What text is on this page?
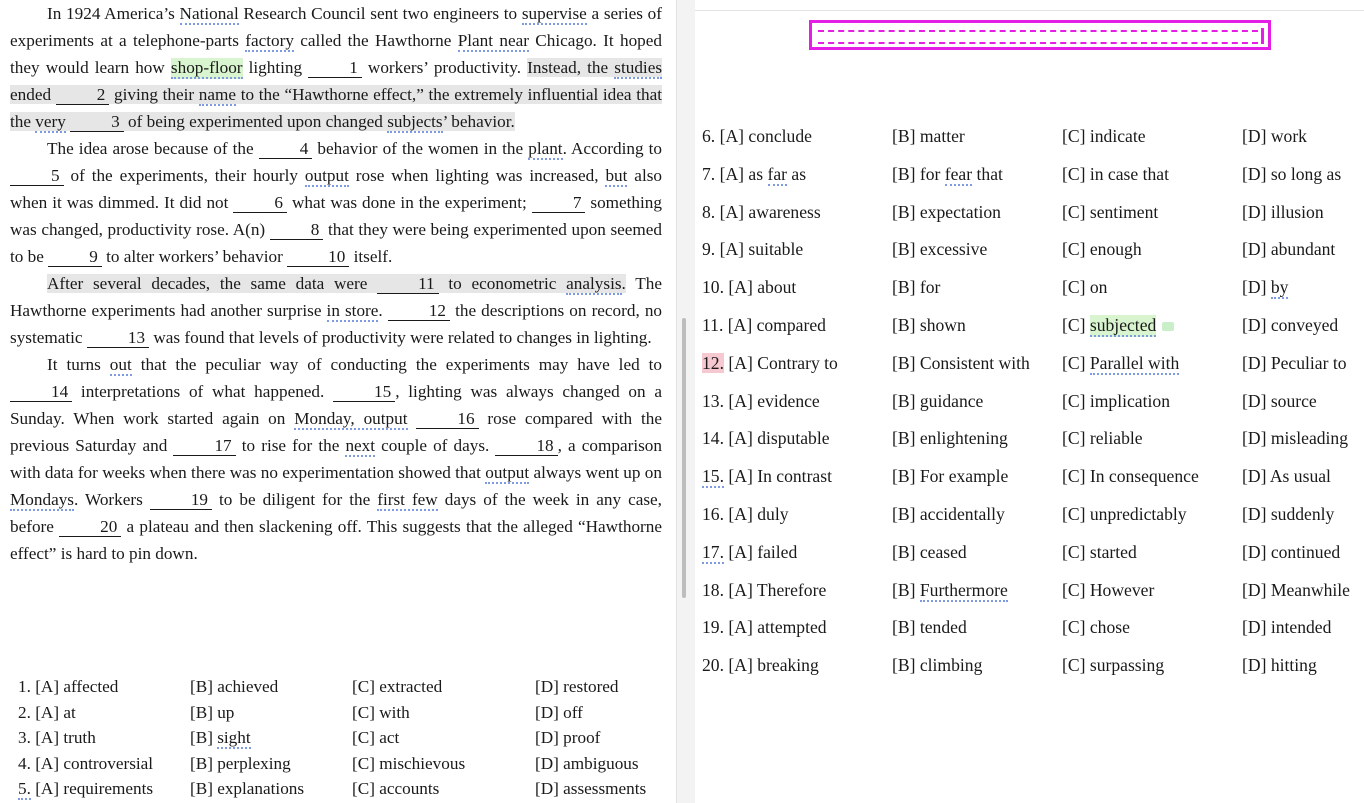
In 1924 America’s National Research Council sent two engineers to supervise a series of experiments at a telephone-parts factory called the Hawthorne Plant near Chicago. It hoped they would learn how shop-floor lighting 1 workers’ productivity. Instead, the studies ended 2 giving their name to the “Hawthorne effect,” the extremely influential idea that the very	3 of being experimented upon changed subjects’ behavior.

The idea arose because of the 4 behavior of the women in the plant. According to 5 of the experiments, their hourly output rose when lighting was increased, but also when it was dimmed. It did not 6 what was done in the experiment; 7 something was changed, productivity rose. A(n) 8 that they were being experimented upon seemed to be 9 to alter workers’ behavior 10 itself.

After several decades, the same data were 11 to econometric analysis. The Hawthorne experiments had another surprise in store. 12 the descriptions on record, no systematic 13 was found that levels of productivity were related to changes in lighting.

It turns out that the peculiar way of conducting the experiments may have led to 14 interpretations of what happened. 15 , lighting was always changed on a Sunday. When work started again on Monday, output	16 rose compared with the previous Saturday and 17 to rise for the next couple of days. 18 , a comparison with data for weeks when there was no experimentation showed that output always went up on Mondays. Workers 19 to be diligent for the first few days of the week in any case, before 20 a plateau and then slackening off. This suggests that the alleged “Hawthorne effect” is hard to pin down.

1. [A] affected	[B] achieved	[C] extracted	[D] restored
2. [A] at	[B] up	[C] with	[D] off
3. [A] truth	[B] sight	[C] act	[D] proof
4. [A] controversial	[B] perplexing	[C] mischievous	[D] ambiguous
5. [A] requirements	[B] explanations	[C] accounts	[D] assessments
6. [A] conclude	[B] matter	[C] indicate	[D] work
7. [A] as far as	[B] for fear that	[C] in case that	[D] so long as
8. [A] awareness	[B] expectation	[C] sentiment	[D] illusion
9. [A] suitable	[B] excessive	[C] enough	[D] abundant
10. [A] about	[B] for	[C] on	[D] by
11. [A] compared	[B] shown	[C] subjected	[D] conveyed
12. [A] Contrary to	[B] Consistent with	[C] Parallel with	[D] Peculiar to
13. [A] evidence	[B] guidance	[C] implication	[D] source
14. [A] disputable	[B] enlightening	[C] reliable	[D] misleading
15. [A] In contrast	[B] For example	[C] In consequence	[D] As usual
16. [A] duly	[B] accidentally	[C] unpredictably	[D] suddenly
17. [A] failed	[B] ceased	[C] started	[D] continued
18. [A] Therefore	[B] Furthermore	[C] However	[D] Meanwhile
19. [A] attempted	[B] tended	[C] chose	[D] intended
20. [A] breaking	[B] climbing	[C] surpassing	[D] hitting
